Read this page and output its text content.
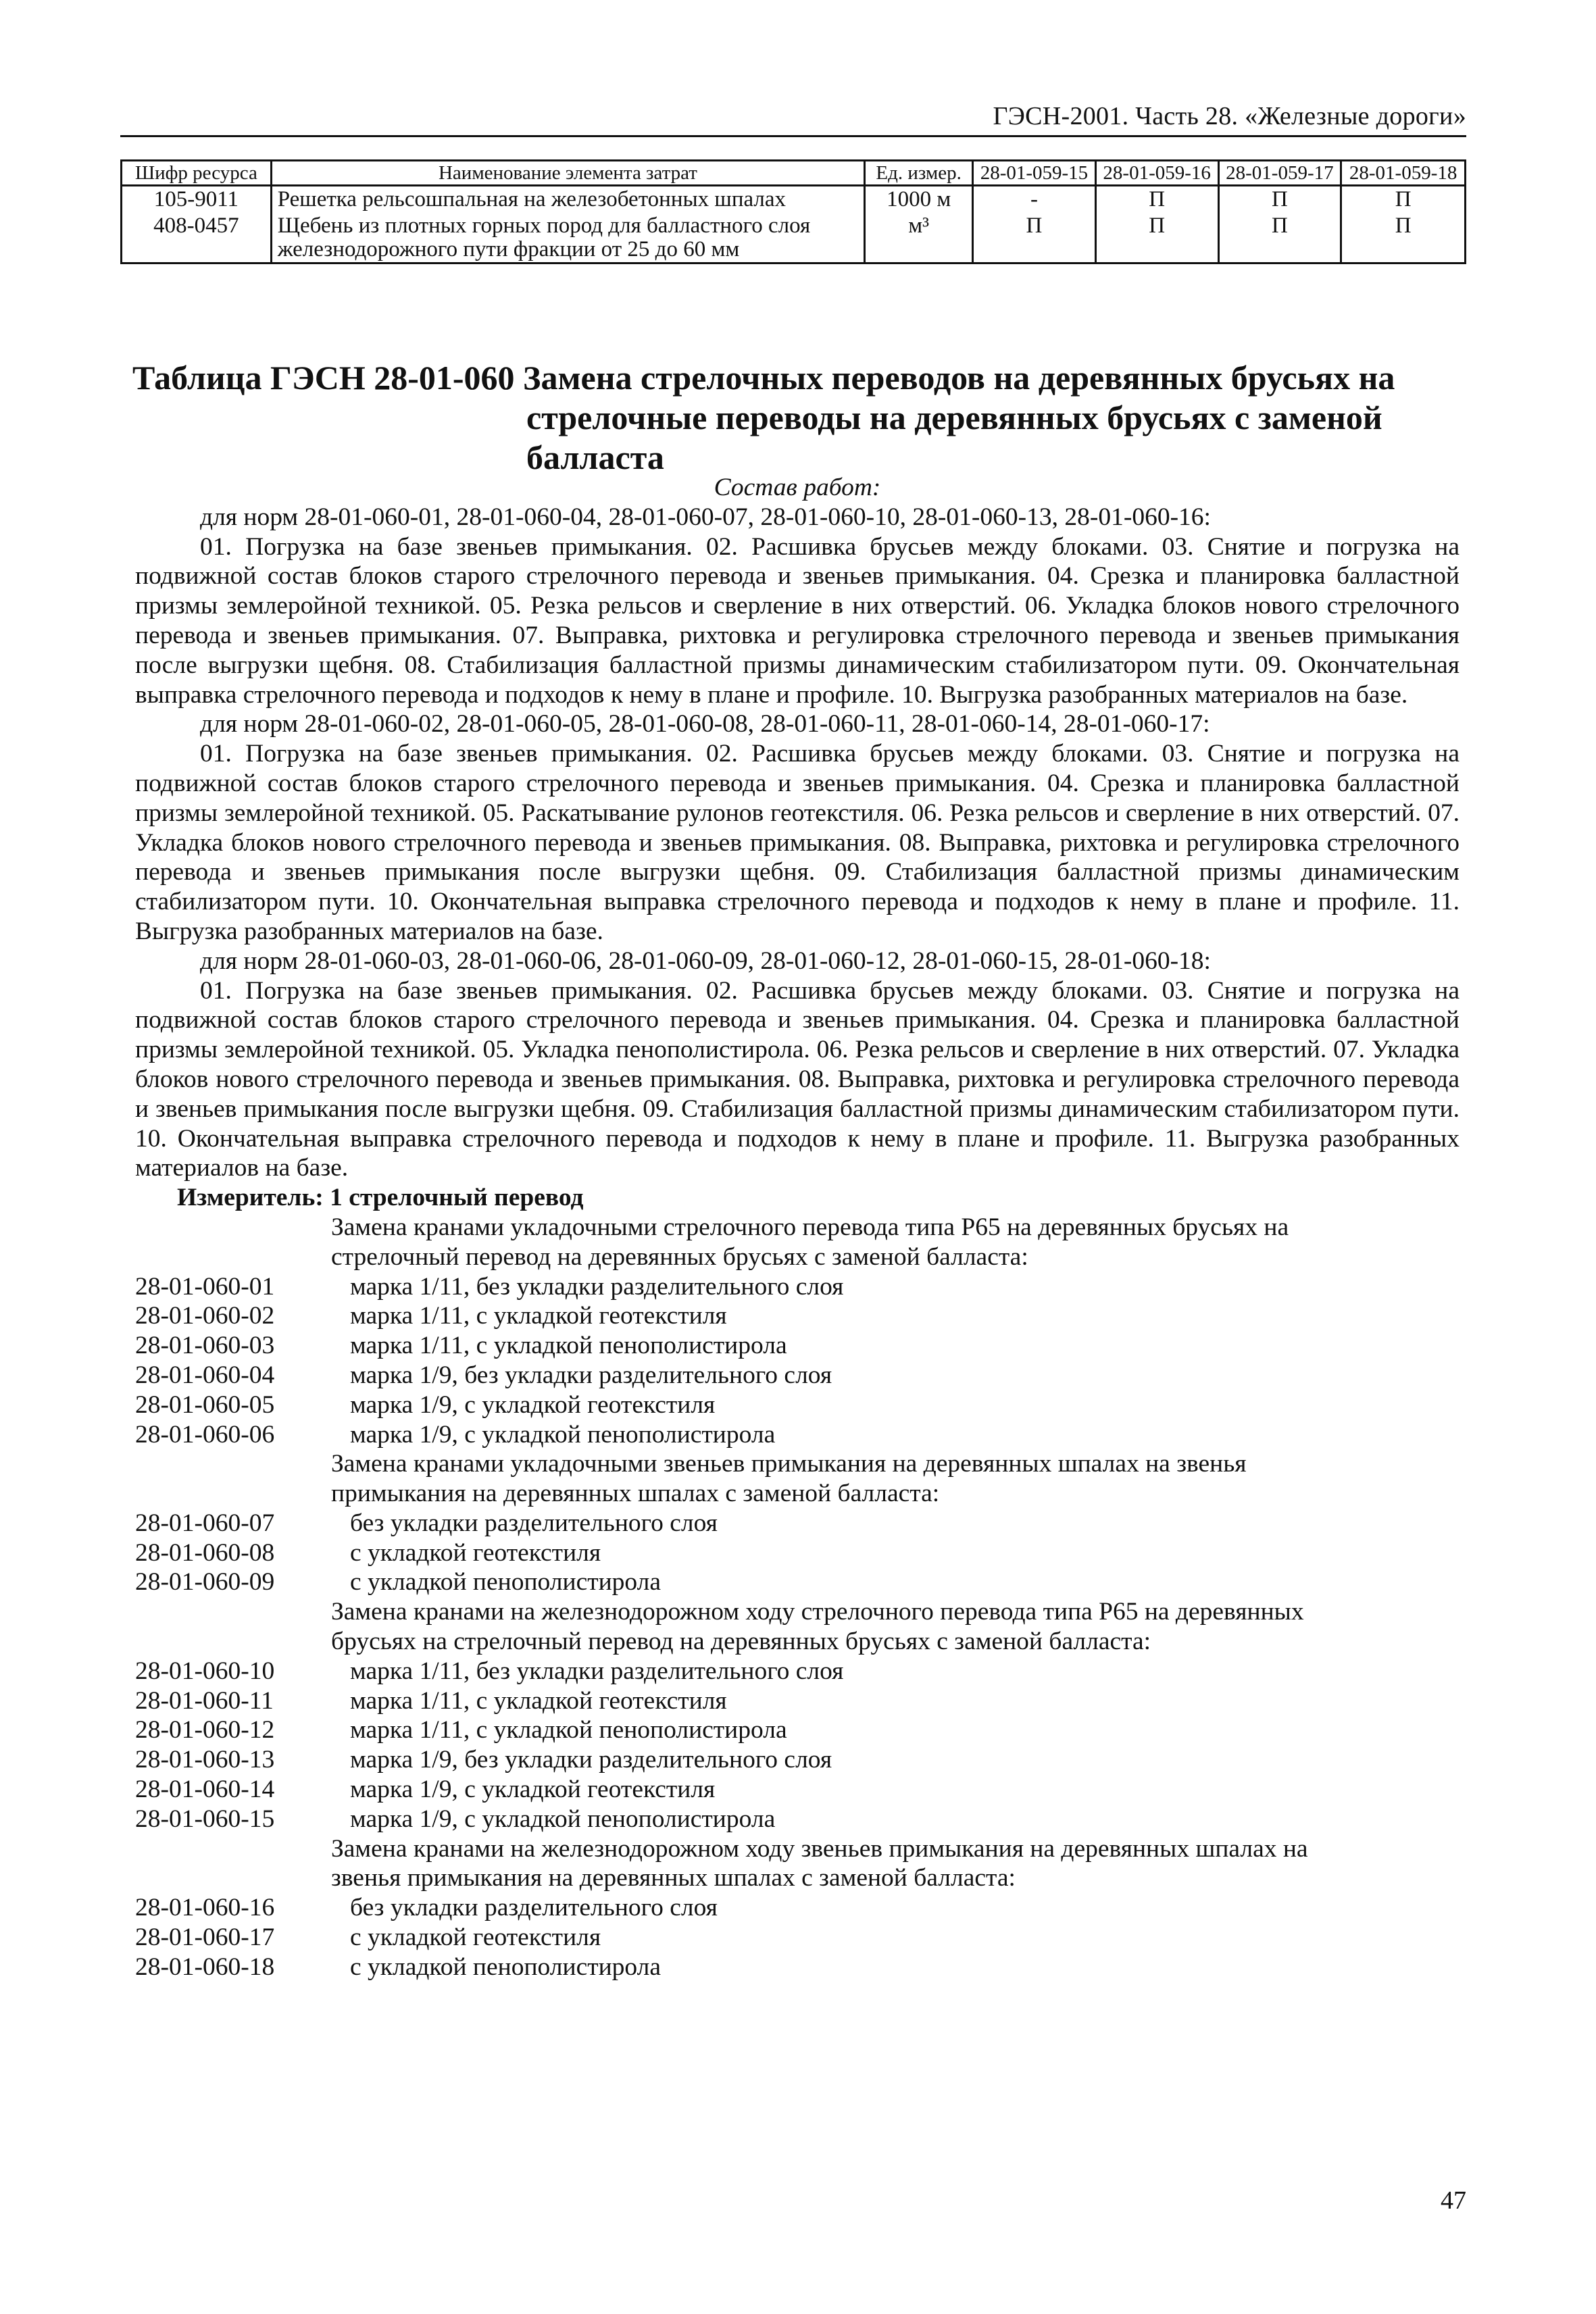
ГЭСН-2001. Часть 28. «Железные дороги»
Шифр ресурса	Наименование элемента затрат	Ед. измер.	28-01-059-15	28-01-059-16	28-01-059-17	28-01-059-18
105-9011	Решетка рельсошпальная на железобетонных шпалах	1000 м	-	П	П	П
408-0457	Щебень из плотных горных пород для балластного слоя железнодорожного пути фракции от 25 до 60 мм	м³	П	П	П	П
Таблица ГЭСН 28-01-060 Замена стрелочных переводов на деревянных брусьях на
стрелочные переводы на деревянных брусьях с заменой
балласта
Состав работ:
для норм 28-01-060-01, 28-01-060-04, 28-01-060-07, 28-01-060-10, 28-01-060-13, 28-01-060-16:
01. Погрузка на базе звеньев примыкания. 02. Расшивка брусьев между блоками. 03. Снятие и погрузка на подвижной состав блоков старого стрелочного перевода и звеньев примыкания. 04. Срезка и планировка балластной призмы землеройной техникой. 05. Резка рельсов и сверление в них отверстий. 06. Укладка блоков нового стрелочного перевода и звеньев примыкания. 07. Выправка, рихтовка и регулировка стрелочного перевода и звеньев примыкания после выгрузки щебня. 08. Стабилизация балластной призмы динамическим стабилизатором пути. 09. Окончательная выправка стрелочного перевода и подходов к нему в плане и профиле. 10. Выгрузка разобранных материалов на базе.
для норм 28-01-060-02, 28-01-060-05, 28-01-060-08, 28-01-060-11, 28-01-060-14, 28-01-060-17:
01. Погрузка на базе звеньев примыкания. 02. Расшивка брусьев между блоками. 03. Снятие и погрузка на подвижной состав блоков старого стрелочного перевода и звеньев примыкания. 04. Срезка и планировка балластной призмы землеройной техникой. 05. Раскатывание рулонов геотекстиля. 06. Резка рельсов и сверление в них отверстий. 07. Укладка блоков нового стрелочного перевода и звеньев примыкания. 08. Выправка, рихтовка и регулировка стрелочного перевода и звеньев примыкания после выгрузки щебня. 09. Стабилизация балластной призмы динамическим стабилизатором пути. 10. Окончательная выправка стрелочного перевода и подходов к нему в плане и профиле. 11. Выгрузка разобранных материалов на базе.
для норм 28-01-060-03, 28-01-060-06, 28-01-060-09, 28-01-060-12, 28-01-060-15, 28-01-060-18:
01. Погрузка на базе звеньев примыкания. 02. Расшивка брусьев между блоками. 03. Снятие и погрузка на подвижной состав блоков старого стрелочного перевода и звеньев примыкания. 04. Срезка и планировка балластной призмы землеройной техникой. 05. Укладка пенополистирола. 06. Резка рельсов и сверление в них отверстий. 07. Укладка блоков нового стрелочного перевода и звеньев примыкания. 08. Выправка, рихтовка и регулировка стрелочного перевода и звеньев примыкания после выгрузки щебня. 09. Стабилизация балластной призмы динамическим стабилизатором пути. 10. Окончательная выправка стрелочного перевода и подходов к нему в плане и профиле. 11. Выгрузка разобранных материалов на базе.
Измеритель: 1 стрелочный перевод
Замена кранами укладочными стрелочного перевода типа Р65 на деревянных брусьях на
стрелочный перевод на деревянных брусьях с заменой балласта:
28-01-060-01	марка 1/11, без укладки разделительного слоя
28-01-060-02	марка 1/11, с укладкой геотекстиля
28-01-060-03	марка 1/11, с укладкой пенополистирола
28-01-060-04	марка 1/9, без укладки разделительного слоя
28-01-060-05	марка 1/9, с укладкой геотекстиля
28-01-060-06	марка 1/9, с укладкой пенополистирола
Замена кранами укладочными звеньев примыкания на деревянных шпалах на звенья
примыкания на деревянных шпалах с заменой балласта:
28-01-060-07	без укладки разделительного слоя
28-01-060-08	с укладкой геотекстиля
28-01-060-09	с укладкой пенополистирола
Замена кранами на железнодорожном ходу стрелочного перевода типа Р65 на деревянных
брусьях на стрелочный перевод на деревянных брусьях с заменой балласта:
28-01-060-10	марка 1/11, без укладки разделительного слоя
28-01-060-11	марка 1/11, с укладкой геотекстиля
28-01-060-12	марка 1/11, с укладкой пенополистирола
28-01-060-13	марка 1/9, без укладки разделительного слоя
28-01-060-14	марка 1/9, с укладкой геотекстиля
28-01-060-15	марка 1/9, с укладкой пенополистирола
Замена кранами на железнодорожном ходу звеньев примыкания на деревянных шпалах на
звенья примыкания на деревянных шпалах с заменой балласта:
28-01-060-16	без укладки разделительного слоя
28-01-060-17	с укладкой геотекстиля
28-01-060-18	с укладкой пенополистирола
47
